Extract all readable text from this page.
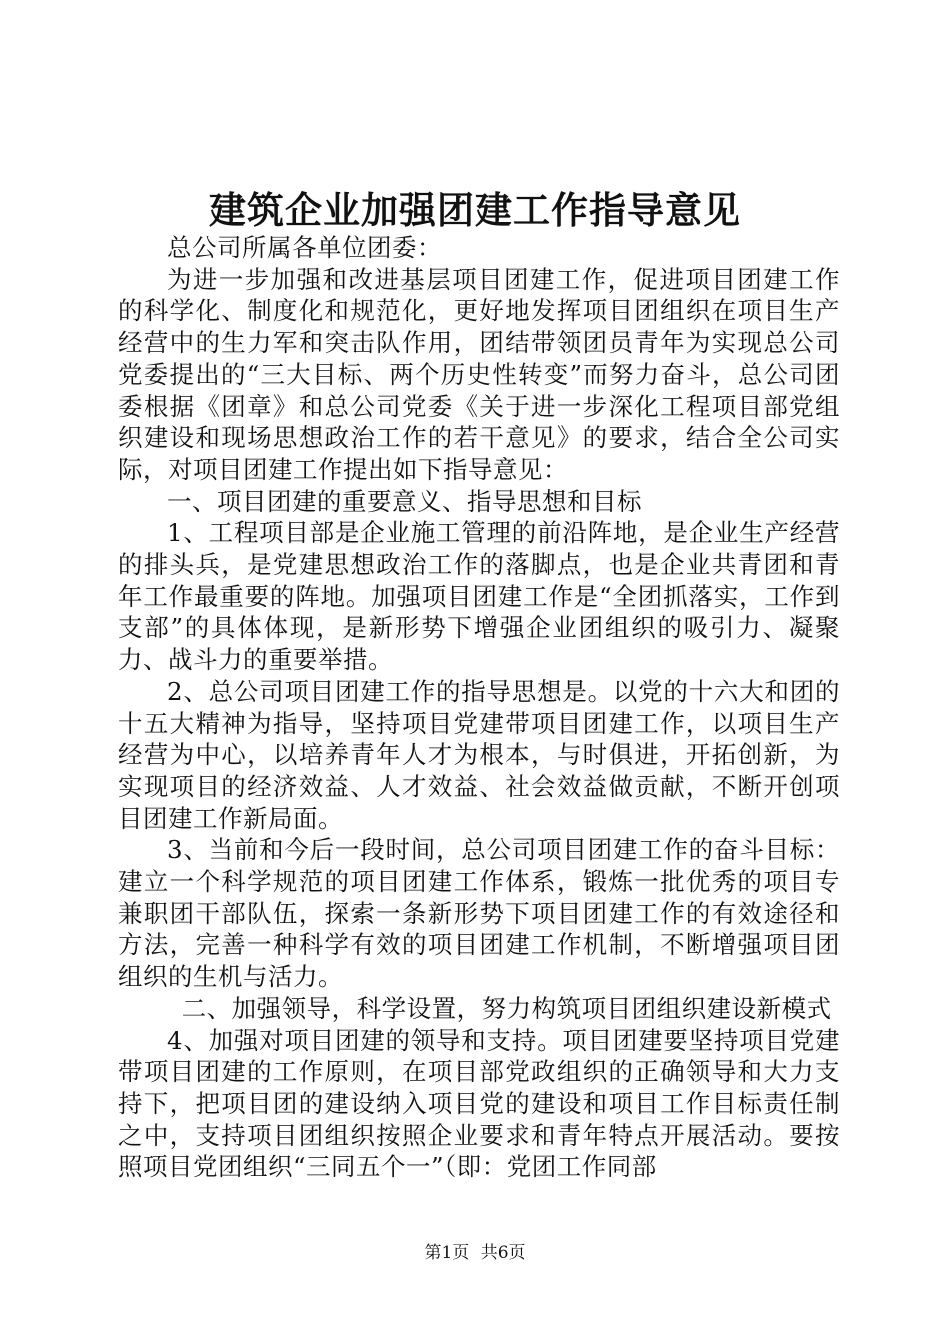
建筑企业加强团建工作指导意见

总公司所属各单位团委：

为进一步加强和改进基层项目团建工作，促进项目团建工作的科学化、制度化和规范化，更好地发挥项目团组织在项目生产经营中的生力军和突击队作用，团结带领团员青年为实现总公司党委提出的“三大目标、两个历史性转变”而努力奋斗，总公司团委根据《团章》和总公司党委《关于进一步深化工程项目部党组织建设和现场思想政治工作的若干意见》的要求，结合全公司实际，对项目团建工作提出如下指导意见：

一、项目团建的重要意义、指导思想和目标

1、工程项目部是企业施工管理的前沿阵地，是企业生产经营的排头兵，是党建思想政治工作的落脚点，也是企业共青团和青年工作最重要的阵地。加强项目团建工作是“全团抓落实，工作到支部”的具体体现，是新形势下增强企业团组织的吸引力、凝聚力、战斗力的重要举措。

2、总公司项目团建工作的指导思想是。以党的十六大和团的十五大精神为指导，坚持项目党建带项目团建工作，以项目生产经营为中心，以培养青年人才为根本，与时俱进，开拓创新，为实现项目的经济效益、人才效益、社会效益做贡献，不断开创项目团建工作新局面。

3、当前和今后一段时间，总公司项目团建工作的奋斗目标：建立一个科学规范的项目团建工作体系，锻炼一批优秀的项目专兼职团干部队伍，探索一条新形势下项目团建工作的有效途径和方法，完善一种科学有效的项目团建工作机制，不断增强项目团组织的生机与活力。

二、加强领导，科学设置，努力构筑项目团组织建设新模式

4、加强对项目团建的领导和支持。项目团建要坚持项目党建带项目团建的工作原则，在项目部党政组织的正确领导和大力支持下，把项目团的建设纳入项目党的建设和项目工作目标责任制之中，支持项目团组织按照企业要求和青年特点开展活动。要按照项目党团组织“三同五个一”（即：党团工作同部

第1页 共6页
